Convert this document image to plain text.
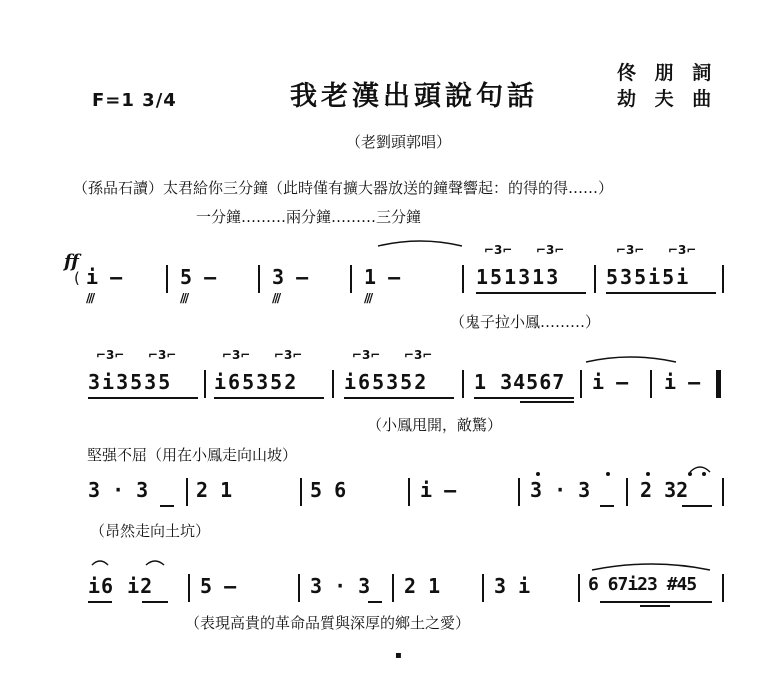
F=1 3/4	我老漢出頭說句話
佟 朋 詞
劫 夫 曲
（老劉頭郭唱）
（孫品石讀）太君給你三分鐘（此時僅有擴大器放送的鐘聲響起：的得的得……）
一分鐘………兩分鐘………三分鐘
ff
( i —
///
5 —
///
3 —
///
1 —
///
⌐3⌐ ⌐3⌐
151313
⌐3⌐ ⌐3⌐
535i5i
（鬼子拉小鳳………）
⌐3⌐ ⌐3⌐
3i3535
⌐3⌐ ⌐3⌐
i65352
⌐3⌐ ⌐3⌐
i65352 1 34567 i — i —
（小鳳甩開，敵驚）
堅强不屈（用在小鳳走向山坡）
3 · 3 2 1	5 6	i —	3 · 3 2 32
（昂然走向土坑）
i6 i2 5 —	3 · 3 2 1	3 i	6 67i23 #45
（表現高貴的革命品質與深厚的鄉土之愛）
▪
